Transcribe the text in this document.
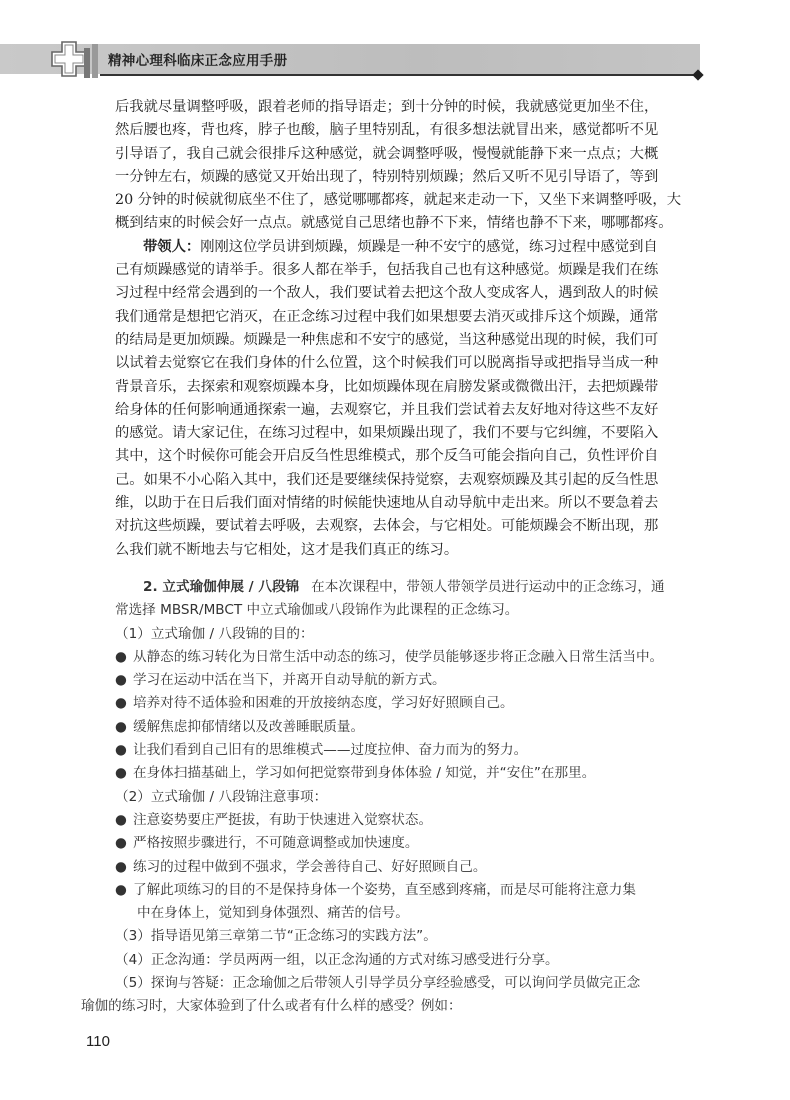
精神心理科临床正念应用手册
后我就尽量调整呼吸，跟着老师的指导语走；到十分钟的时候，我就感觉更加坐不住，
然后腰也疼，背也疼，脖子也酸，脑子里特别乱，有很多想法就冒出来，感觉都听不见
引导语了，我自己就会很排斥这种感觉，就会调整呼吸，慢慢就能静下来一点点；大概
一分钟左右，烦躁的感觉又开始出现了，特别特别烦躁；然后又听不见引导语了，等到
20 分钟的时候就彻底坐不住了，感觉哪哪都疼，就起来走动一下，又坐下来调整呼吸，大
概到结束的时候会好一点点。就感觉自己思绪也静不下来，情绪也静不下来，哪哪都疼。
带领人： 刚刚这位学员讲到烦躁，烦躁是一种不安宁的感觉，练习过程中感觉到自
己有烦躁感觉的请举手。很多人都在举手，包括我自己也有这种感觉。烦躁是我们在练
习过程中经常会遇到的一个敌人，我们要试着去把这个敌人变成客人，遇到敌人的时候
我们通常是想把它消灭，在正念练习过程中我们如果想要去消灭或排斥这个烦躁，通常
的结局是更加烦躁。烦躁是一种焦虑和不安宁的感觉，当这种感觉出现的时候，我们可
以试着去觉察它在我们身体的什么位置，这个时候我们可以脱离指导或把指导当成一种
背景音乐，去探索和观察烦躁本身，比如烦躁体现在肩膀发紧或微微出汗，去把烦躁带
给身体的任何影响通通探索一遍，去观察它，并且我们尝试着去友好地对待这些不友好
的感觉。请大家记住，在练习过程中，如果烦躁出现了，我们不要与它纠缠，不要陷入
其中，这个时候你可能会开启反刍性思维模式，那个反刍可能会指向自己，负性评价自
己。如果不小心陷入其中，我们还是要继续保持觉察，去观察烦躁及其引起的反刍性思
维，以助于在日后我们面对情绪的时候能快速地从自动导航中走出来。所以不要急着去
对抗这些烦躁，要试着去呼吸，去观察，去体会，与它相处。可能烦躁会不断出现，那
么我们就不断地去与它相处，这才是我们真正的练习。
2. 立式瑜伽伸展 / 八段锦 在本次课程中，带领人带领学员进行运动中的正念练习，通
常选择 MBSR/MBCT 中立式瑜伽或八段锦作为此课程的正念练习。
（1）立式瑜伽 / 八段锦的目的：
● 从静态的练习转化为日常生活中动态的练习，使学员能够逐步将正念融入日常生活当中。
● 学习在运动中活在当下，并离开自动导航的新方式。
● 培养对待不适体验和困难的开放接纳态度，学习好好照顾自己。
● 缓解焦虑抑郁情绪以及改善睡眠质量。
● 让我们看到自己旧有的思维模式——过度拉伸、奋力而为的努力。
● 在身体扫描基础上，学习如何把觉察带到身体体验 / 知觉，并“安住”在那里。
（2）立式瑜伽 / 八段锦注意事项：
● 注意姿势要庄严挺拔，有助于快速进入觉察状态。
● 严格按照步骤进行，不可随意调整或加快速度。
● 练习的过程中做到不强求，学会善待自己、好好照顾自己。
● 了解此项练习的目的不是保持身体一个姿势，直至感到疼痛，而是尽可能将注意力集
中在身体上，觉知到身体强烈、痛苦的信号。
（3）指导语见第三章第二节“正念练习的实践方法”。
（4）正念沟通：学员两两一组，以正念沟通的方式对练习感受进行分享。
（5）探询与答疑：正念瑜伽之后带领人引导学员分享经验感受，可以询问学员做完正念
瑜伽的练习时，大家体验到了什么或者有什么样的感受？例如：
110
